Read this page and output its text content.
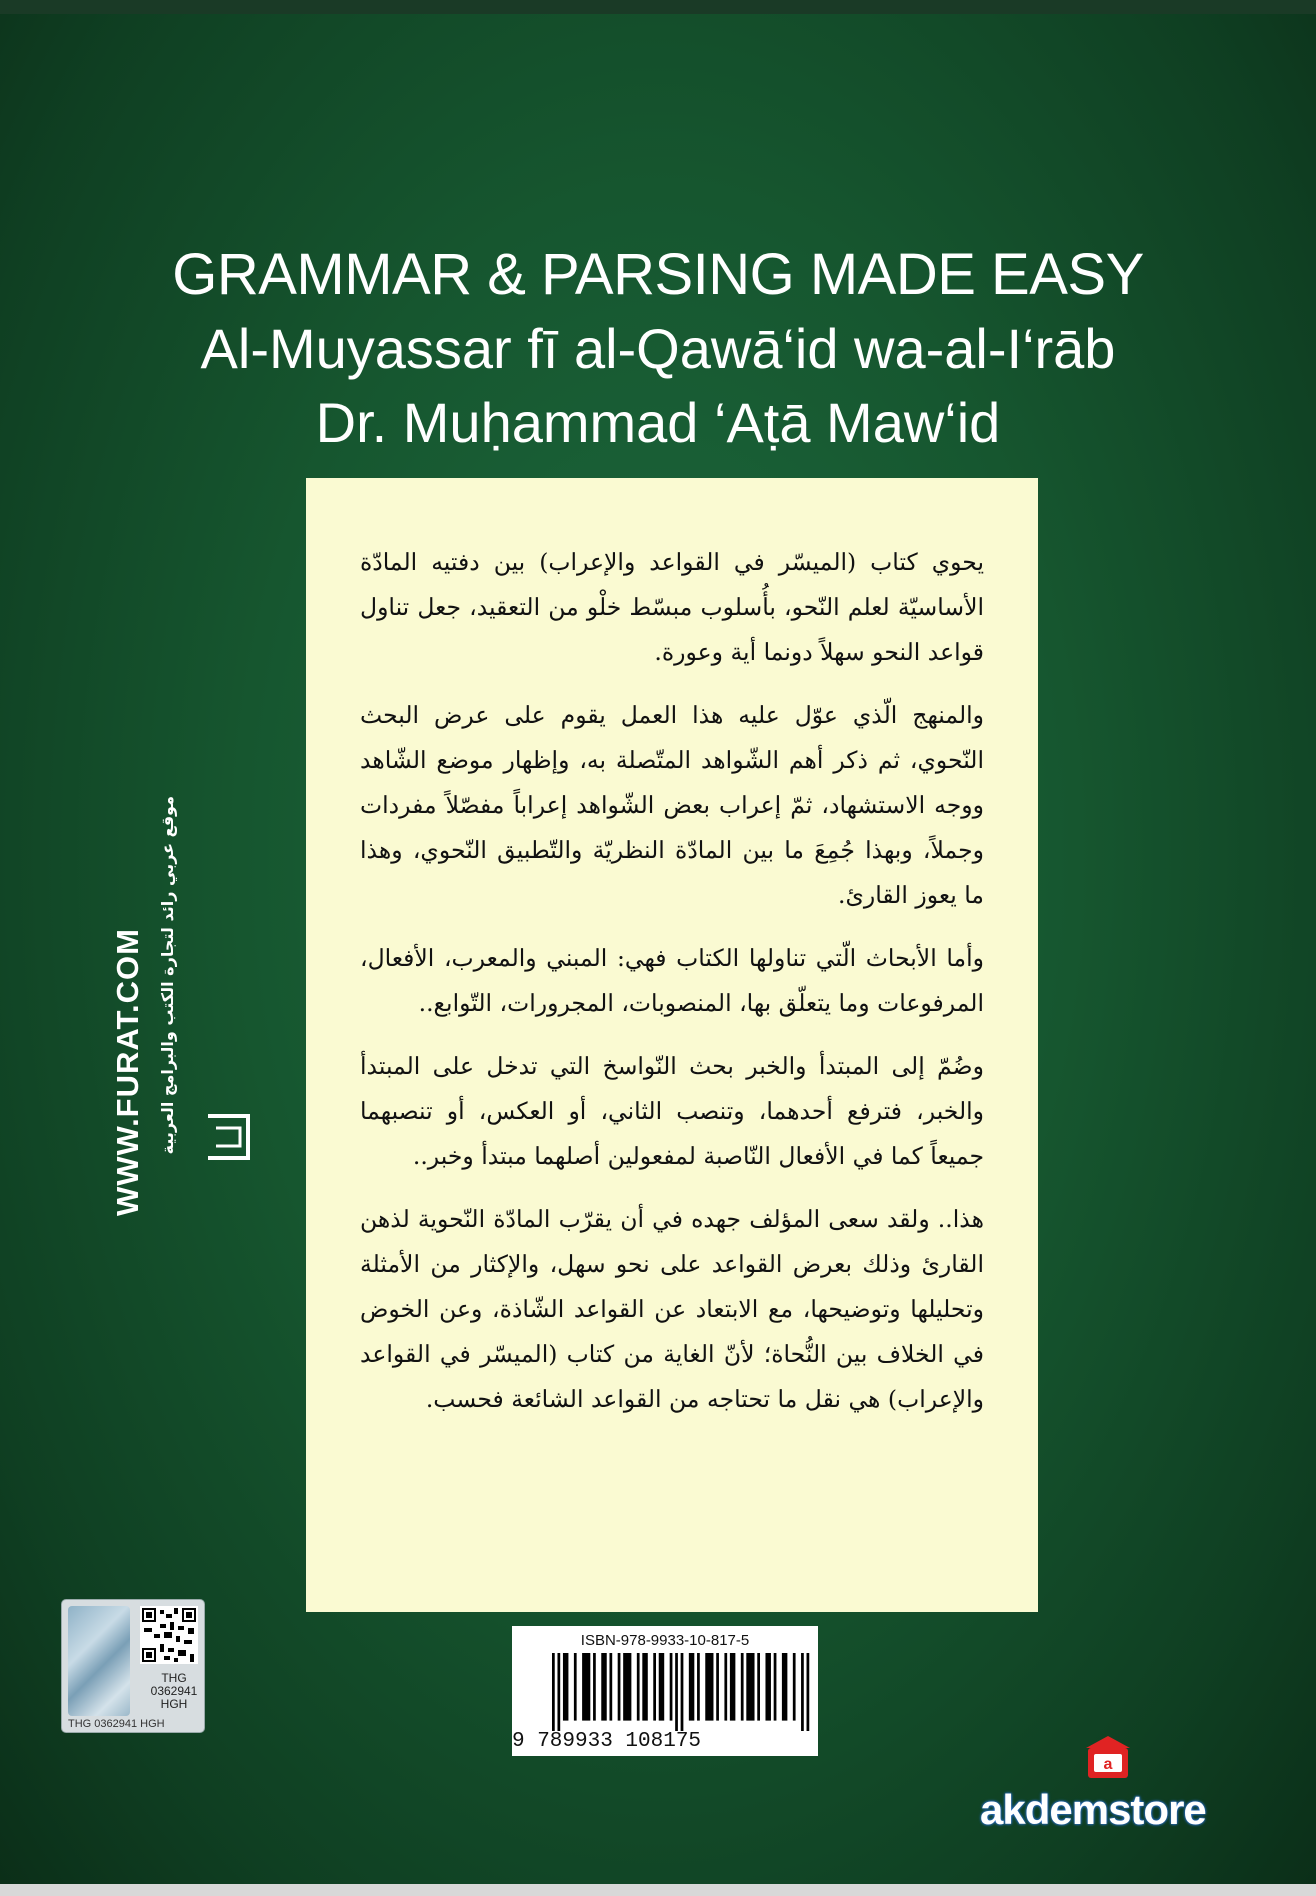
GRAMMAR & PARSING MADE EASY
Al-Muyassar fī al-Qawā‘id wa-al-I‘rāb
Dr. Muḥammad ‘Aṭā Maw‘id

يحوي كتاب (الميسّر في القواعد والإعراب) بين دفتيه المادّة الأساسيّة لعلم النّحو، بأُسلوب مبسّط خلْو من التعقيد، جعل تناول قواعد النحو سهلاً دونما أية وعورة.

والمنهج الّذي عوّل عليه هذا العمل يقوم على عرض البحث النّحوي، ثم ذكر أهم الشّواهد المتّصلة به، وإظهار موضع الشّاهد ووجه الاستشهاد، ثمّ إعراب بعض الشّواهد إعراباً مفصّلاً مفردات وجملاً، وبهذا جُمِعَ ما بين المادّة النظريّة والتّطبيق النّحوي، وهذا ما يعوز القارئ.

وأما الأبحاث الّتي تناولها الكتاب فهي: المبني والمعرب، الأفعال، المرفوعات وما يتعلّق بها، المنصوبات، المجرورات، التّوابع..

وضُمّ إلى المبتدأ والخبر بحث النّواسخ التي تدخل على المبتدأ والخبر، فترفع أحدهما، وتنصب الثاني، أو العكس، أو تنصبهما جميعاً كما في الأفعال النّاصبة لمفعولين أصلهما مبتدأ وخبر..

هذا.. ولقد سعى المؤلف جهده في أن يقرّب المادّة النّحوية لذهن القارئ وذلك بعرض القواعد على نحو سهل، والإكثار من الأمثلة وتحليلها وتوضيحها، مع الابتعاد عن القواعد الشّاذة، وعن الخوض في الخلاف بين النُّحاة؛ لأنّ الغاية من كتاب (الميسّر في القواعد والإعراب) هي نقل ما تحتاجه من القواعد الشائعة فحسب.

WWW.FURAT.COM موقع عربي رائد لتجارة الكتب والبرامج العربية
THG
0362941
HGH
THG 0362941 HGH
ISBN-978-9933-10-817-5
9 789933 108175
a
akdemstore
